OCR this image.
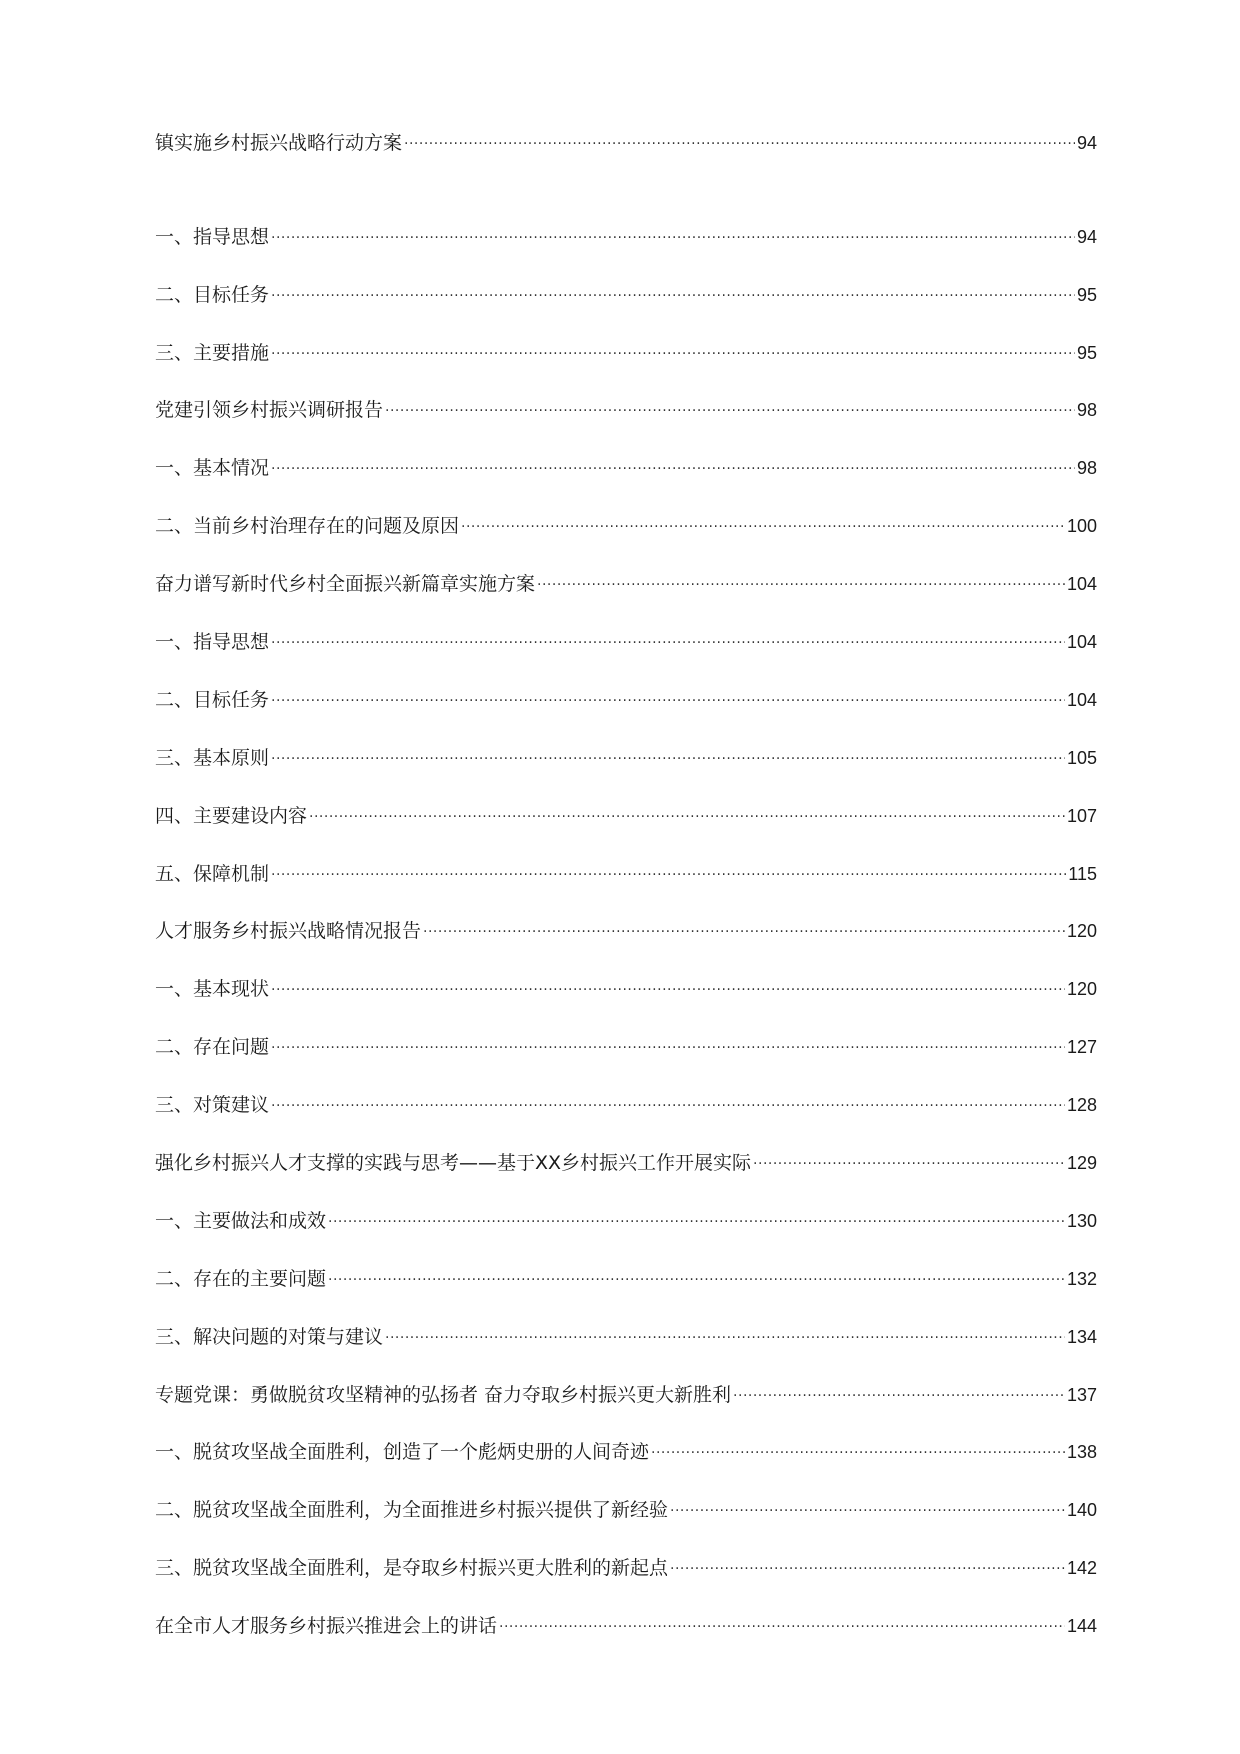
镇实施乡村振兴战略行动方案 .....	94
一、指导思想 .....	94
二、目标任务 .....	95
三、主要措施 .....	95
党建引领乡村振兴调研报告 .....	98
一、基本情况 .....	98
二、当前乡村治理存在的问题及原因 .....	100
奋力谱写新时代乡村全面振兴新篇章实施方案 .....	104
一、指导思想 .....	104
二、目标任务 .....	104
三、基本原则 .....	105
四、主要建设内容 .....	107
五、保障机制 .....	115
人才服务乡村振兴战略情况报告 .....	120
一、基本现状 .....	120
二、存在问题 .....	127
三、对策建议 .....	128
强化乡村振兴人才支撑的实践与思考——基于XX乡村振兴工作开展实际 .....	129
一、主要做法和成效 .....	130
二、存在的主要问题 .....	132
三、解决问题的对策与建议 .....	134
专题党课：勇做脱贫攻坚精神的弘扬者 奋力夺取乡村振兴更大新胜利 .....	137
一、脱贫攻坚战全面胜利，创造了一个彪炳史册的人间奇迹 .....	138
二、脱贫攻坚战全面胜利，为全面推进乡村振兴提供了新经验 .....	140
三、脱贫攻坚战全面胜利，是夺取乡村振兴更大胜利的新起点 .....	142
在全市人才服务乡村振兴推进会上的讲话 .....	144
